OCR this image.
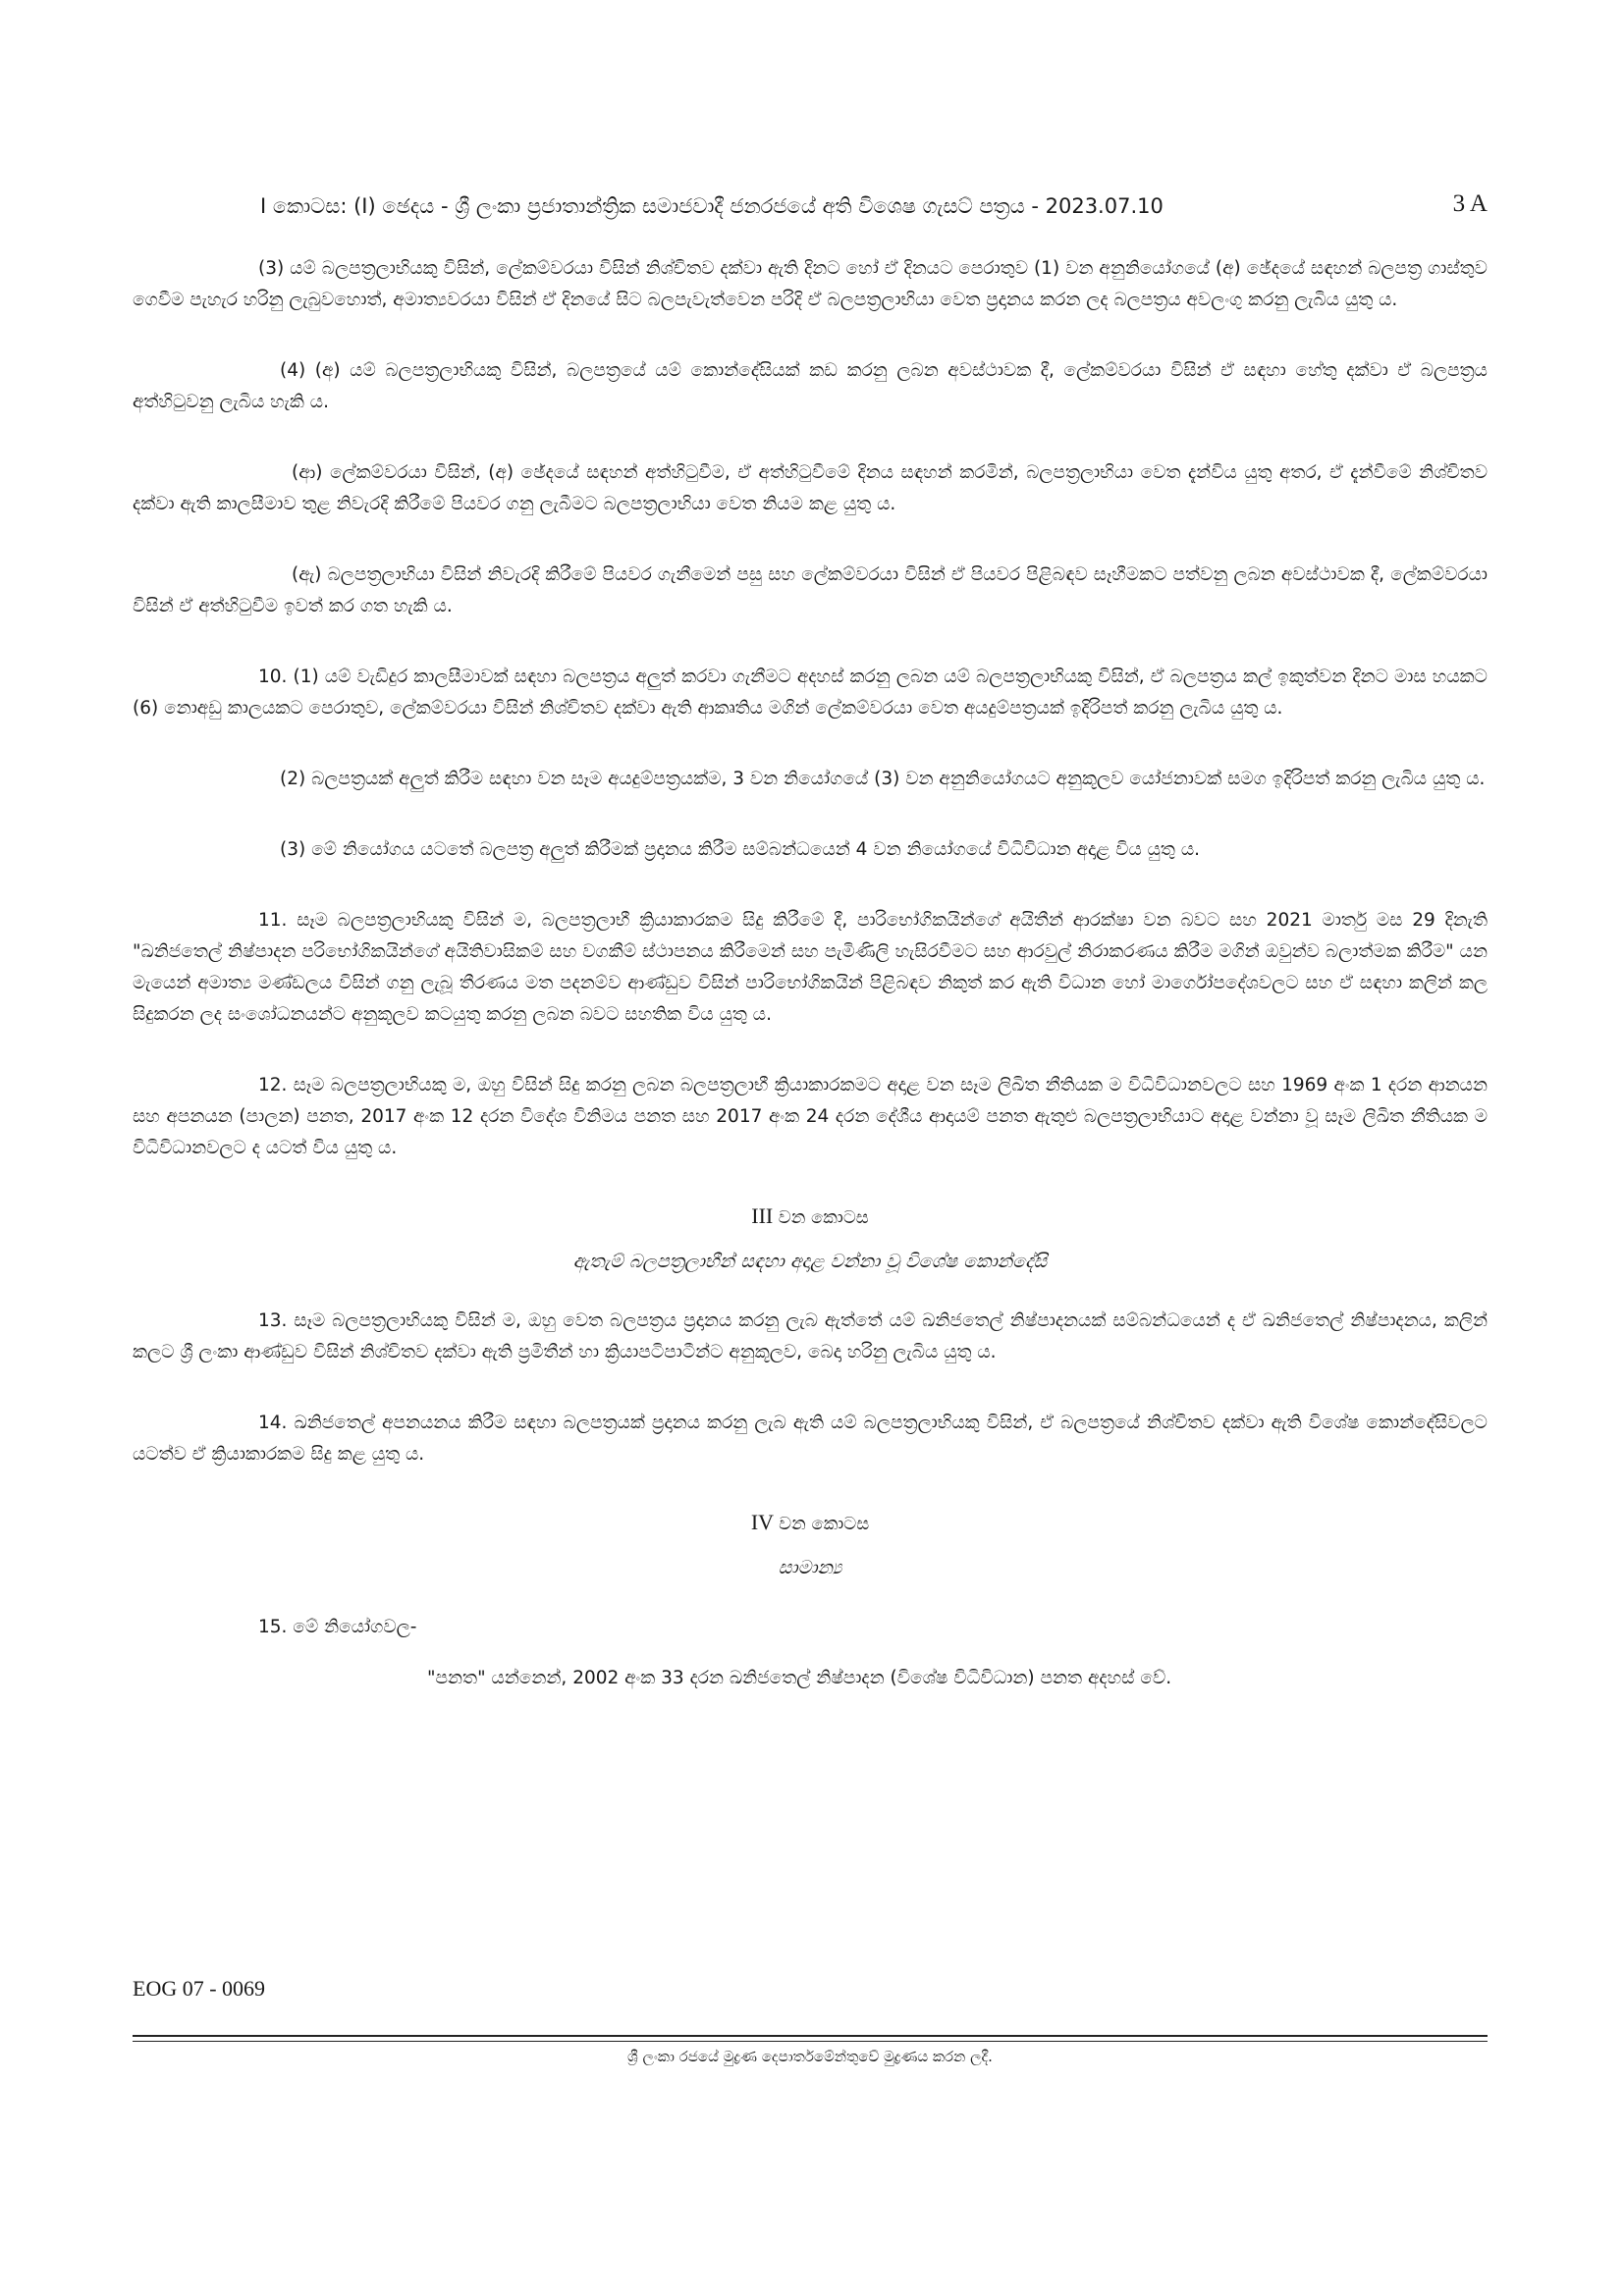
I කොටස: (I) ඡෙදය - ශ්‍රී ලංකා ප්‍රජාතාන්ත්‍රික සමාජවාදී ජනරජයේ අති විශෙෂ ගැසට් පත්‍රය - 2023.07.10	3 A

(3) යම් බලපත්‍රලාභියකු විසින්, ලේකම්වරයා විසින් නිශ්චිතව දක්වා ඇති දිනට හෝ ඒ දිනයට පෙරාතුව (1) වන අනුනියෝගයේ (අ) ඡේදයේ සඳහන් බලපත්‍ර ගාස්තුව ගෙවීම පැහැර හරිනු ලැබුවහොත්, අමාත්‍යවරයා විසින් ඒ දිනයේ සිට බලපැවැත්වෙන පරිදි ඒ බලපත්‍රලාභියා වෙත ප්‍රදානය කරන ලද බලපත්‍රය අවලංගු කරනු ලැබිය යුතු ය.

(4) (අ) යම් බලපත්‍රලාභියකු විසින්, බලපත්‍රයේ යම් කොන්දේසියක් කඩ කරනු ලබන අවස්ථාවක දී, ලේකම්වරයා විසින් ඒ සඳහා හේතු දක්වා ඒ බලපත්‍රය අත්හිටුවනු ලැබිය හැකි ය.

(ආ) ලේකම්වරයා විසින්, (අ) ඡේදයේ සඳහන් අත්හිටුවීම, ඒ අත්හිටුවීමේ දිනය සඳහන් කරමින්, බලපත්‍රලාභියා වෙත දැන්විය යුතු අතර, ඒ දැන්වීමේ නිශ්චිතව දක්වා ඇති කාලසීමාව තුළ නිවැරදි කිරීමේ පියවර ගනු ලැබීමට බලපත්‍රලාභියා වෙත නියම කළ යුතු ය.

(ඇ) බලපත්‍රලාභියා විසින් නිවැරදි කිරීමේ පියවර ගැනීමෙන් පසු සහ ලේකම්වරයා විසින් ඒ පියවර පිළිබඳව සෑහීමකට පත්වනු ලබන අවස්ථාවක දී, ලේකම්වරයා විසින් ඒ අත්හිටුවීම ඉවත් කර ගත හැකි ය.

10. (1) යම් වැඩිදුර කාලසීමාවක් සඳහා බලපත්‍රය අලුත් කරවා ගැනීමට අදහස් කරනු ලබන යම් බලපත්‍රලාභියකු විසින්, ඒ බලපත්‍රය කල් ඉකුත්වන දිනට මාස හයකට (6) නොඅඩු කාලයකට පෙරාතුව, ලේකම්වරයා විසින් නිශ්චිතව දක්වා ඇති ආකෘතිය මගින් ලේකම්වරයා වෙත අයදුම්පත්‍රයක් ඉදිරිපත් කරනු ලැබිය යුතු ය.

(2) බලපත්‍රයක් අලුත් කිරීම සඳහා වන සෑම අයදුම්පත්‍රයක්ම, 3 වන නියෝගයේ (3) වන අනුනියෝගයට අනුකූලව යෝජනාවක් සමග ඉදිරිපත් කරනු ලැබිය යුතු ය.

(3) මේ නියෝගය යටතේ බලපත්‍ර අලුත් කිරීමක් ප්‍රදානය කිරීම සම්බන්ධයෙන් 4 වන නියෝගයේ විධිවිධාන අදාළ විය යුතු ය.

11. සෑම බලපත්‍රලාභියකු විසින් ම, බලපත්‍රලාභී ක්‍රියාකාරකම සිදු කිරීමේ දී, පාරිභෝගිකයින්ගේ අයිතීන් ආරක්ෂා වන බවට සහ 2021 මාර්තු මස 29 දිනැති "ඛනිජතෙල් නිෂ්පාදන පරිභෝගිකයින්ගේ අයිතිවාසිකම් සහ වගකීම් ස්ථාපනය කිරීමෙන් සහ පැමිණිලි හැසිරවීමට සහ ආරවුල් නිරාකරණය කිරීම මගින් ඔවුන්ව බලාත්මක කිරීම" යන මැයෙන් අමාත්‍ය මණ්ඩලය විසින් ගනු ලැබූ තීරණය මත පදනම්ව ආණ්ඩුව විසින් පාරිභෝගිකයින් පිළිබඳව නිකුත් කර ඇති විධාන හෝ මාර්ගෝපදේශවලට සහ ඒ සඳහා කලින් කල සිදුකරන ලද සංශෝධනයන්ට අනුකූලව කටයුතු කරනු ලබන බවට සහතික විය යුතු ය.

12. සෑම බලපත්‍රලාභියකු ම, ඔහු විසින් සිදු කරනු ලබන බලපත්‍රලාභී ක්‍රියාකාරකමට අදාළ වන සෑම ලිඛිත නීතියක ම විධිවිධානවලට සහ 1969 අංක 1 දරන ආනයන සහ අපනයන (පාලන) පනත, 2017 අංක 12 දරන විදේශ විනිමය පනත සහ 2017 අංක 24 දරන දේශීය ආදායම් පනත ඇතුළු බලපත්‍රලාභියාට අදාළ වන්නා වූ සෑම ලිඛිත නීතියක ම විධිවිධානවලට ද යටත් විය යුතු ය.

III වන කොටස
ඇතැම් බලපත්‍රලාභීන් සඳහා අදාළ වන්නා වූ විශේෂ කොන්දේසි

13. සෑම බලපත්‍රලාභියකු විසින් ම, ඔහු වෙත බලපත්‍රය ප්‍රදානය කරනු ලැබ ඇත්තේ යම් ඛනිජතෙල් නිෂ්පාදනයක් සම්බන්ධයෙන් ද ඒ ඛනිජතෙල් නිෂ්පාදනය, කලින් කලට ශ්‍රී ලංකා ආණ්ඩුව විසින් නිශ්චිතව දක්වා ඇති ප්‍රමිතීන් හා ක්‍රියාපටිපාටීන්ට අනුකූලව, බෙදා හරිනු ලැබිය යුතු ය.

14. ඛනිජතෙල් අපනයනය කිරීම සඳහා බලපත්‍රයක් ප්‍රදානය කරනු ලැබ ඇති යම් බලපත්‍රලාභියකු විසින්, ඒ බලපත්‍රයේ නිශ්චිතව දක්වා ඇති විශේෂ කොන්දේසිවලට යටත්ව ඒ ක්‍රියාකාරකම සිදු කළ යුතු ය.

IV වන කොටස
සාමාන්‍ය

15. මේ නියෝගවල-

"පනත" යන්නෙන්, 2002 අංක 33 දරන ඛනිජතෙල් නිෂ්පාදන (විශේෂ විධිවිධාන) පනත අදහස් වේ.

EOG 07 - 0069
ශ්‍රී ලංකා රජයේ මුද්‍රණ දෙපාර්තමේන්තුවේ මුද්‍රණය කරන ලදී.
